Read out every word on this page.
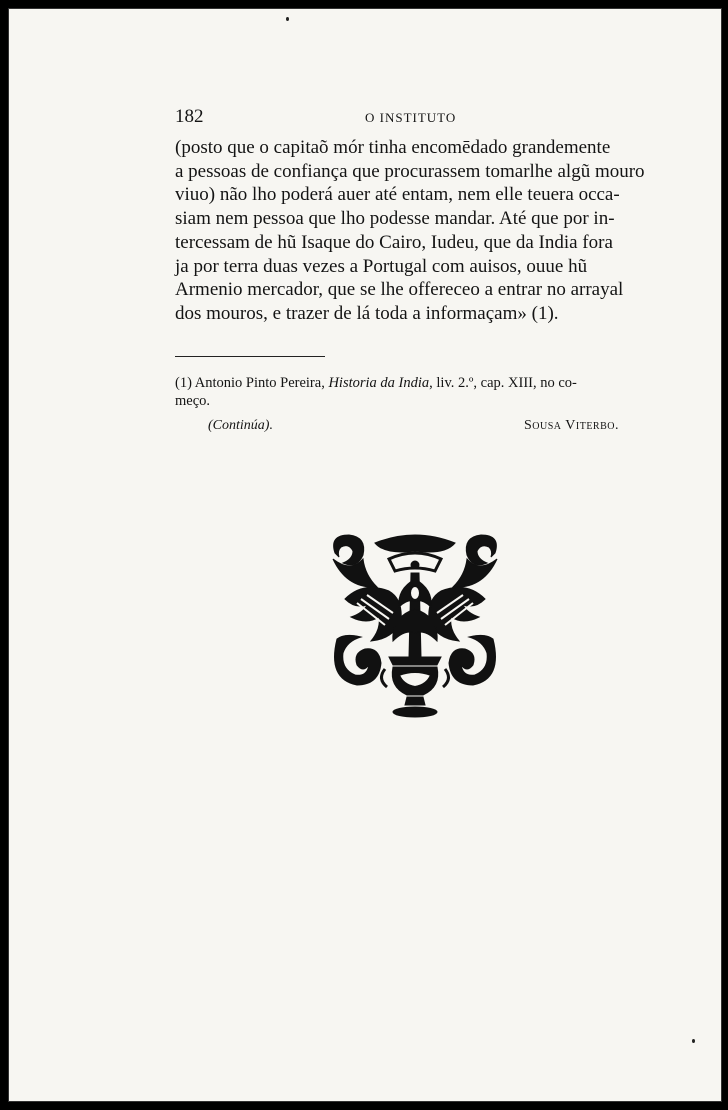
182	O INSTITUTO

(posto que o capitaõ mór tinha encomēdado grandemente
a pessoas de confiança que procurassem tomarlhe algũ mouro
viuo) não lho poderá auer até entam, nem elle teuera occa-
siam nem pessoa que lho podesse mandar. Até que por in-
tercessam de hũ Isaque do Cairo, Iudeu, que da India fora
ja por terra duas vezes a Portugal com auisos, ouue hũ
Armenio mercador, que se lhe offereceo a entrar no arrayal
dos mouros, e trazer de lá toda a informaçam» (1).

(1) Antonio Pinto Pereira, Historia da India, liv. 2.º, cap. XIII, no co-
meço.
(Continúa).	Sousa Viterbo.
